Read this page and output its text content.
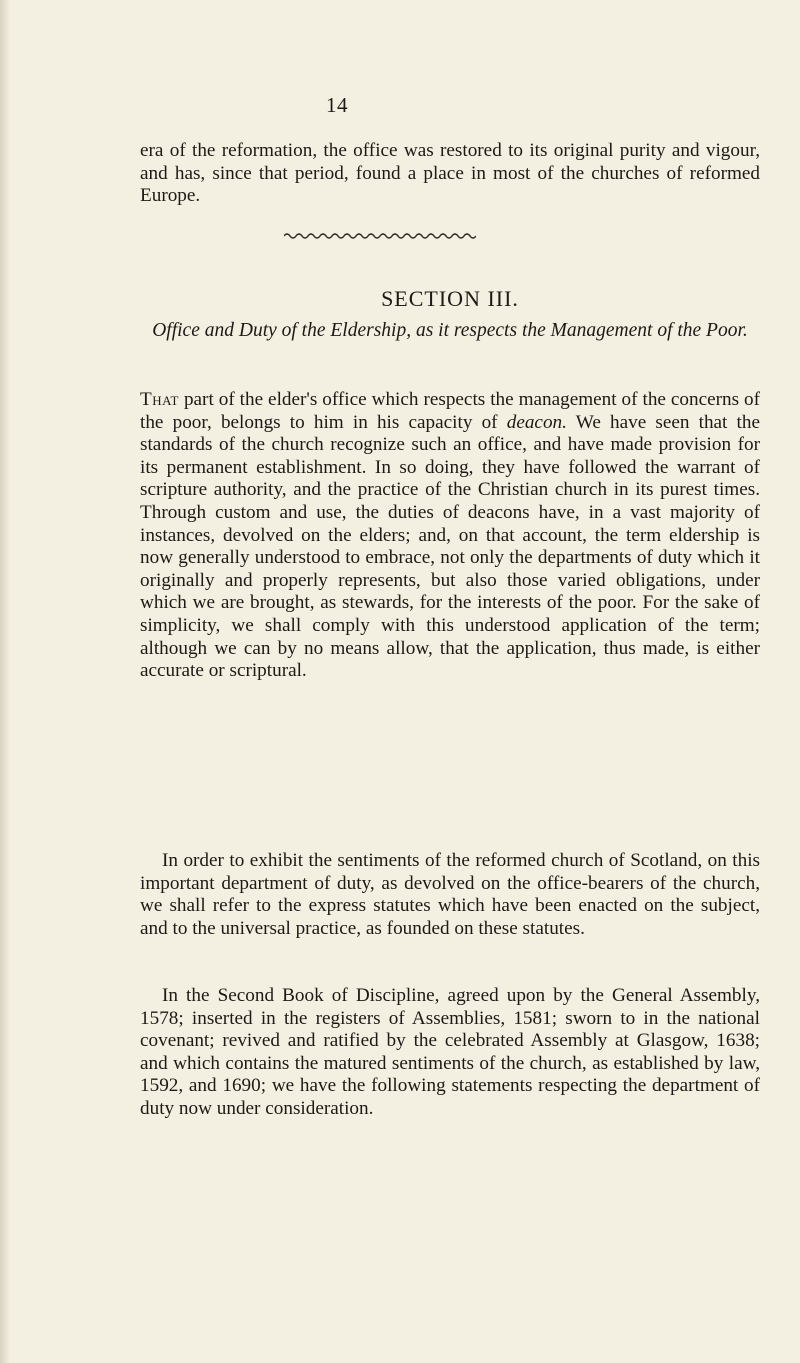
14
era of the reformation, the office was restored to its original purity and vigour, and has, since that period, found a place in most of the churches of reformed Europe.
SECTION III.
Office and Duty of the Eldership, as it respects the Management of the Poor.
That part of the elder's office which respects the management of the concerns of the poor, belongs to him in his capacity of deacon. We have seen that the standards of the church recognize such an office, and have made provision for its permanent establishment. In so doing, they have followed the warrant of scripture authority, and the practice of the Christian church in its purest times. Through custom and use, the duties of deacons have, in a vast majority of instances, devolved on the elders; and, on that account, the term eldership is now generally understood to embrace, not only the departments of duty which it originally and properly represents, but also those varied obligations, under which we are brought, as stewards, for the interests of the poor. For the sake of simplicity, we shall comply with this understood application of the term; although we can by no means allow, that the application, thus made, is either accurate or scriptural.
In order to exhibit the sentiments of the reformed church of Scotland, on this important department of duty, as devolved on the office-bearers of the church, we shall refer to the express statutes which have been enacted on the subject, and to the universal practice, as founded on these statutes.
In the Second Book of Discipline, agreed upon by the General Assembly, 1578; inserted in the registers of Assemblies, 1581; sworn to in the national covenant; revived and ratified by the celebrated Assembly at Glasgow, 1638; and which contains the matured sentiments of the church, as established by law, 1592, and 1690; we have the following statements respecting the department of duty now under consideration.
